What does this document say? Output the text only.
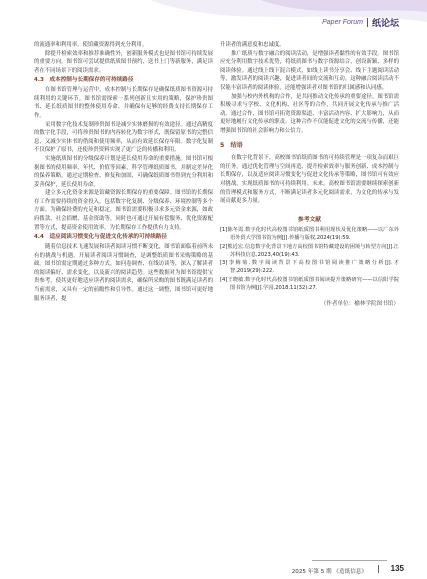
Paper Forum 纸论坛

的流通率和利用率，使馆藏资源得到充分利用。

除提升检索效率和推荐准确性外，创新服务模式也是图书馆可持续发展的重要方向。图书馆可尝试提供纸质图书预约、送书上门等新服务，满足读者在不同场景下的阅读需求。

4.3　成本控制与长期保存的可持续路径

在图书馆管理与运营中，成本控制与长期保存是确保纸质图书资源可持续利用的关键环节。图书馆需探索一系列创新且实用的策略，保护珍贵图书、延长纸质图书的整体使用寿命，并确保有足够的经费支持长期保存工作。

采用数字化技术复制珍贵图书是减少实体磨损的有效途径。通过高精度的数字化手段，可将珍贵图书的内容转化为数字形式，既保留原书的完整信息，又减少实体书的借阅和使用频率，从而有效延长保存年限。数字化复制不仅保护了原书，还使珍贵资料实现了更广泛的传播和利用。

实施纸质图书的分级保养计划是延长使用寿命的重要措施。图书馆可根据图书的使用频率、年代、价值等因素，科学管理纸质图书，并制定差异化的保养策略。通过定期检查、修复和加固，可确保纸质图书得到充分利用和妥善保护，延长使用寿命。

建立多元化资金来源是馆藏资源长期保存的重要保障。图书馆的长期保存工作需要持续的资金投入，包括数字化复制、分级保养、环境控制等多个方面。为确保经费的充足和稳定，图书馆需要积极寻求多元资金来源，如政府拨款、社会捐赠、基金资助等，同时也可通过开展有偿服务、优化资源配置等方式，提高资金使用效率，为长期保存工作提供有力支持。

4.4　适应阅读习惯变化与促进文化传承的可持续路径

随着信息技术飞速发展和读者阅读习惯不断变化，图书馆面临着前所未有的挑战与机遇。开展读者阅读习惯调查，是调整纸质图书采购策略的基础。图书馆需定期通过多种方式，如问卷调查、在线访谈等，深入了解读者的阅读偏好、需求变化，以及新兴的阅读趋势。这些数据对为图书馆提供宝贵参考，使其更好地适应读者的阅读需求，确保所采购的图书既满足读者的当前需求，又具有一定的前瞻性和引导性。通过这一调整，图书馆可更好地服务读者，提

升读者的满意度和忠诚度。

推广纸质与数字融合的阅读活动，是增强读者黏性的有效手段。图书馆应充分利用数字技术优势，将纸质图书与数字资源结合，创设新颖、多样的阅读体验。通过线上线下混合模式，如线上读书分享会、线下主题阅读活动等，激发读者的阅读兴趣，促进读者间的交流和互动。这种融合阅读活动不仅能丰富读者的阅读体验，还能增强读者对图书馆的归属感和认同感。

加强与校内外机构的合作，是共同推动文化传承的重要途径。图书馆需积极寻求与学校、文化机构、社区等的合作，共同开展文化传承与推广活动。通过合作，图书馆可拓宽资源渠道、丰富活动内容、扩大影响力，从而更好地履行文化传承的职责。这种合作不仅能促进文化的交流与传播，还能增强图书馆的社会影响力和公信力。

5　结语

在数字化背景下，高校图书馆纸质图书的可持续管理是一项复杂而艰巨的任务。通过优化管理与空间再造、提升检索效率与服务创新、成本控制与长期保存，以及适应阅读习惯变化与促进文化传承等策略，图书馆可有效应对挑战，实现纸质图书的可持续利用。未来，高校图书馆需要继续探索创新的管理模式和服务方式，不断满足读者多元化阅读需求，为文化的传承与发展贡献更多力量。

参考文献

[1]陈冬霞.数字化时代高校图书馆纸质图书利用现状及优化策略——以广东外语外贸大学图书馆为例[J].传播与版权,2024(19):59.

[2]熊近宏.信息数字化背景下地方高校图书馆特藏建设的困境与转型方向[J].江苏科技信息,2023,40(19):43.

[3]李梅菊.数字阅读背景下高校图书馆阅读推广策略分析[J].才智,2019(29):222.

[4]王晓敏.数字化时代高校图书馆纸质图书阅读提升策略研究——以信阳学院图书馆为例[J].学园,2018,11(32):27.

（作者单位：榆林学院图书馆）
2025 年第 5 期 《造纸信息》	135
